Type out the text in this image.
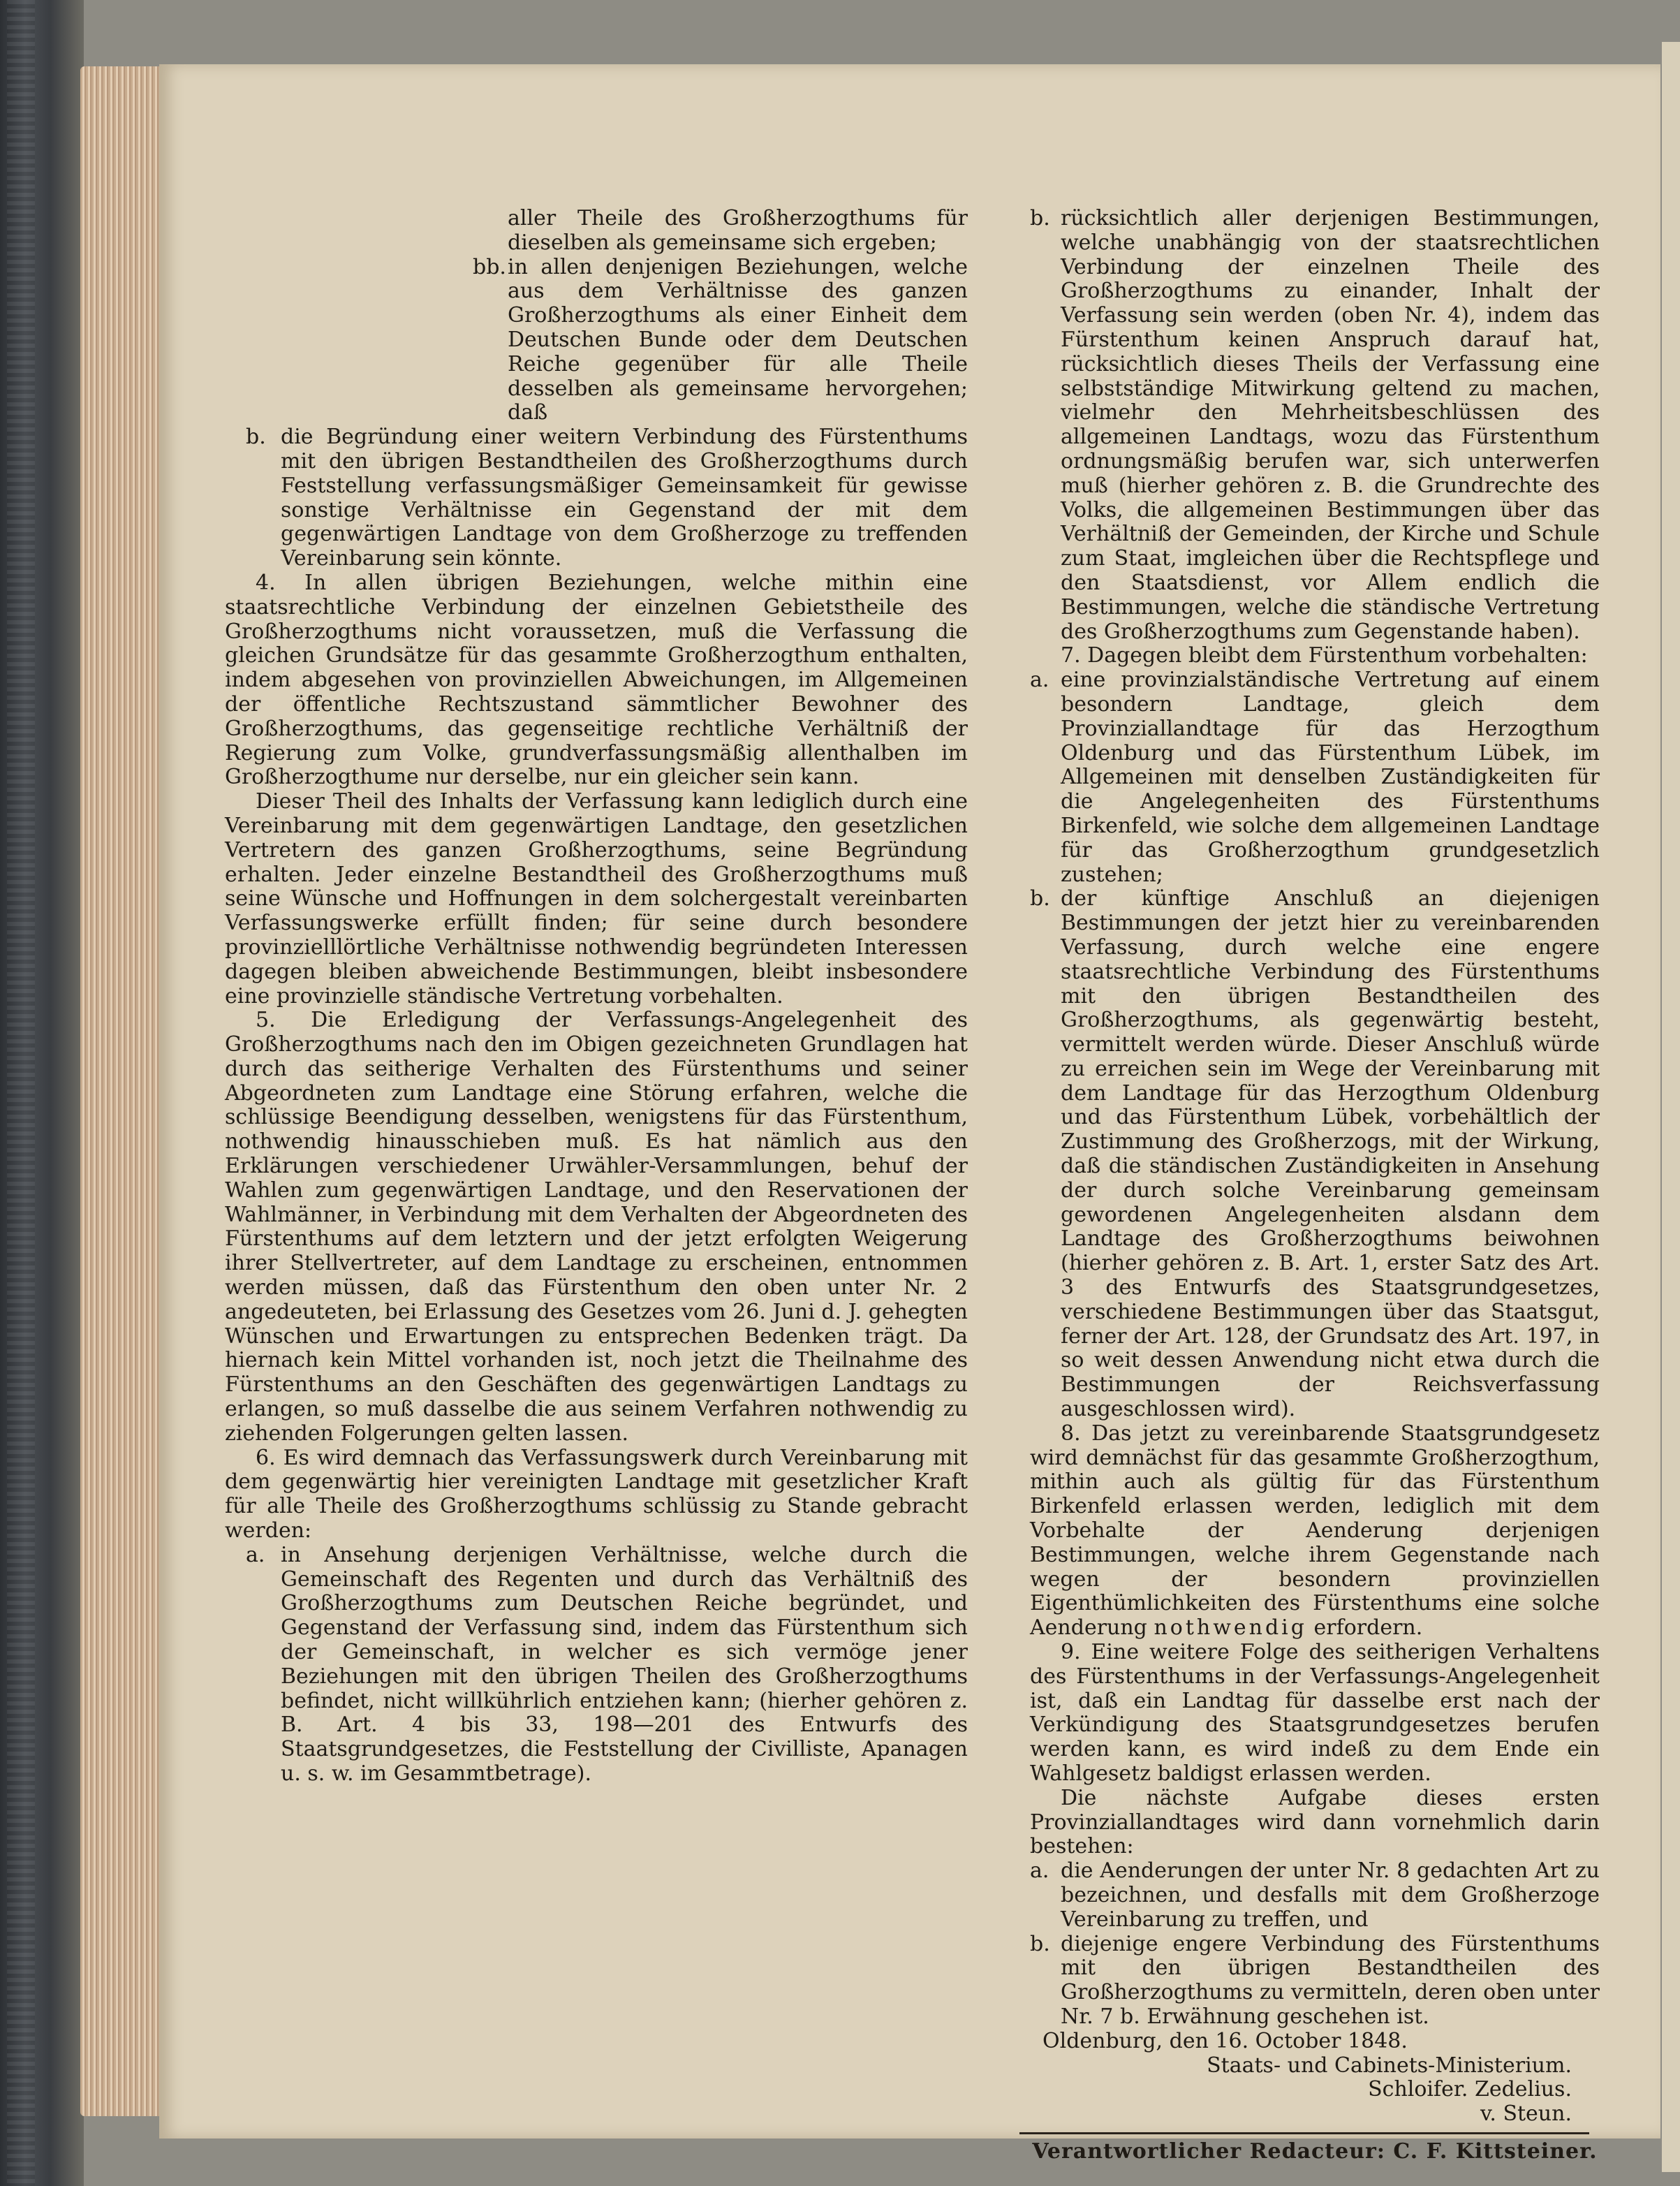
aller Theile des Großherzogthums für dieselben als gemeinsame sich ergeben;

bb. in allen denjenigen Beziehungen, welche aus dem Verhältnisse des ganzen Großherzogthums als einer Einheit dem Deutschen Bunde oder dem Deutschen Reiche gegenüber für alle Theile desselben als gemeinsame hervorgehen; daß

b. die Begründung einer weitern Verbindung des Fürstenthums mit den übrigen Bestandtheilen des Großherzogthums durch Feststellung verfassungsmäßiger Gemeinsamkeit für gewisse sonstige Verhältnisse ein Gegenstand der mit dem gegenwärtigen Landtage von dem Großherzoge zu treffenden Vereinbarung sein könnte.

4. In allen übrigen Beziehungen, welche mithin eine staatsrechtliche Verbindung der einzelnen Gebietstheile des Großherzogthums nicht voraussetzen, muß die Verfassung die gleichen Grundsätze für das gesammte Großherzogthum enthalten, indem abgesehen von provinziellen Abweichungen, im Allgemeinen der öffentliche Rechtszustand sämmtlicher Bewohner des Großherzogthums, das gegenseitige rechtliche Verhältniß der Regierung zum Volke, grundverfassungsmäßig allenthalben im Großherzogthume nur derselbe, nur ein gleicher sein kann.

Dieser Theil des Inhalts der Verfassung kann lediglich durch eine Vereinbarung mit dem gegenwärtigen Landtage, den gesetzlichen Vertretern des ganzen Großherzogthums, seine Begründung erhalten. Jeder einzelne Bestandtheil des Großherzogthums muß seine Wünsche und Hoffnungen in dem solchergestalt vereinbarten Verfassungswerke erfüllt finden; für seine durch besondere provinzielllörtliche Verhältnisse nothwendig begründeten Interessen dagegen bleiben abweichende Bestimmungen, bleibt insbesondere eine provinzielle ständische Vertretung vorbehalten.

5. Die Erledigung der Verfassungs-Angelegenheit des Großherzogthums nach den im Obigen gezeichneten Grundlagen hat durch das seitherige Verhalten des Fürstenthums und seiner Abgeordneten zum Landtage eine Störung erfahren, welche die schlüssige Beendigung desselben, wenigstens für das Fürstenthum, nothwendig hinausschieben muß. Es hat nämlich aus den Erklärungen verschiedener Urwähler-Versammlungen, behuf der Wahlen zum gegenwärtigen Landtage, und den Reservationen der Wahlmänner, in Verbindung mit dem Verhalten der Abgeordneten des Fürstenthums auf dem letztern und der jetzt erfolgten Weigerung ihrer Stellvertreter, auf dem Landtage zu erscheinen, entnommen werden müssen, daß das Fürstenthum den oben unter Nr. 2 angedeuteten, bei Erlassung des Gesetzes vom 26. Juni d. J. gehegten Wünschen und Erwartungen zu entsprechen Bedenken trägt. Da hiernach kein Mittel vorhanden ist, noch jetzt die Theilnahme des Fürstenthums an den Geschäften des gegenwärtigen Landtags zu erlangen, so muß dasselbe die aus seinem Verfahren nothwendig zu ziehenden Folgerungen gelten lassen.

6. Es wird demnach das Verfassungswerk durch Vereinbarung mit dem gegenwärtig hier vereinigten Landtage mit gesetzlicher Kraft für alle Theile des Großherzogthums schlüssig zu Stande gebracht werden:

a. in Ansehung derjenigen Verhältnisse, welche durch die Gemeinschaft des Regenten und durch das Verhältniß des Großherzogthums zum Deutschen Reiche begründet, und Gegenstand der Verfassung sind, indem das Fürstenthum sich der Gemeinschaft, in welcher es sich vermöge jener Beziehungen mit den übrigen Theilen des Großherzogthums befindet, nicht willkührlich entziehen kann; (hierher gehören z. B. Art. 4 bis 33, 198—201 des Entwurfs des Staatsgrundgesetzes, die Feststellung der Civilliste, Apanagen u. s. w. im Gesammtbetrage).

b. rücksichtlich aller derjenigen Bestimmungen, welche unabhängig von der staatsrechtlichen Verbindung der einzelnen Theile des Großherzogthums zu einander, Inhalt der Verfassung sein werden (oben Nr. 4), indem das Fürstenthum keinen Anspruch darauf hat, rücksichtlich dieses Theils der Verfassung eine selbstständige Mitwirkung geltend zu machen, vielmehr den Mehrheitsbeschlüssen des allgemeinen Landtags, wozu das Fürstenthum ordnungsmäßig berufen war, sich unterwerfen muß (hierher gehören z. B. die Grundrechte des Volks, die allgemeinen Bestimmungen über das Verhältniß der Gemeinden, der Kirche und Schule zum Staat, imgleichen über die Rechtspflege und den Staatsdienst, vor Allem endlich die Bestimmungen, welche die ständische Vertretung des Großherzogthums zum Gegenstande haben).

7. Dagegen bleibt dem Fürstenthum vorbehalten:

a. eine provinzialständische Vertretung auf einem besondern Landtage, gleich dem Provinziallandtage für das Herzogthum Oldenburg und das Fürstenthum Lübek, im Allgemeinen mit denselben Zuständigkeiten für die Angelegenheiten des Fürstenthums Birkenfeld, wie solche dem allgemeinen Landtage für das Großherzogthum grundgesetzlich zustehen;

b. der künftige Anschluß an diejenigen Bestimmungen der jetzt hier zu vereinbarenden Verfassung, durch welche eine engere staatsrechtliche Verbindung des Fürstenthums mit den übrigen Bestandtheilen des Großherzogthums, als gegenwärtig besteht, vermittelt werden würde. Dieser Anschluß würde zu erreichen sein im Wege der Vereinbarung mit dem Landtage für das Herzogthum Oldenburg und das Fürstenthum Lübek, vorbehältlich der Zustimmung des Großherzogs, mit der Wirkung, daß die ständischen Zuständigkeiten in Ansehung der durch solche Vereinbarung gemeinsam gewordenen Angelegenheiten alsdann dem Landtage des Großherzogthums beiwohnen (hierher gehören z. B. Art. 1, erster Satz des Art. 3 des Entwurfs des Staatsgrundgesetzes, verschiedene Bestimmungen über das Staatsgut, ferner der Art. 128, der Grundsatz des Art. 197, in so weit dessen Anwendung nicht etwa durch die Bestimmungen der Reichsverfassung ausgeschlossen wird).

8. Das jetzt zu vereinbarende Staatsgrundgesetz wird demnächst für das gesammte Großherzogthum, mithin auch als gültig für das Fürstenthum Birkenfeld erlassen werden, lediglich mit dem Vorbehalte der Aenderung derjenigen Bestimmungen, welche ihrem Gegenstande nach wegen der besondern provinziellen Eigenthümlichkeiten des Fürstenthums eine solche Aenderung nothwendig erfordern.

9. Eine weitere Folge des seitherigen Verhaltens des Fürstenthums in der Verfassungs-Angelegenheit ist, daß ein Landtag für dasselbe erst nach der Verkündigung des Staatsgrundgesetzes berufen werden kann, es wird indeß zu dem Ende ein Wahlgesetz baldigst erlassen werden.

Die nächste Aufgabe dieses ersten Provinziallandtages wird dann vornehmlich darin bestehen:

a. die Aenderungen der unter Nr. 8 gedachten Art zu bezeichnen, und desfalls mit dem Großherzoge Vereinbarung zu treffen, und

b. diejenige engere Verbindung des Fürstenthums mit den übrigen Bestandtheilen des Großherzogthums zu vermitteln, deren oben unter Nr. 7 b. Erwähnung geschehen ist.

Oldenburg, den 16. October 1848.

Staats- und Cabinets-Ministerium.

Schloifer. Zedelius.

v. Steun.

Verantwortlicher Redacteur: C. F. Kittsteiner.
